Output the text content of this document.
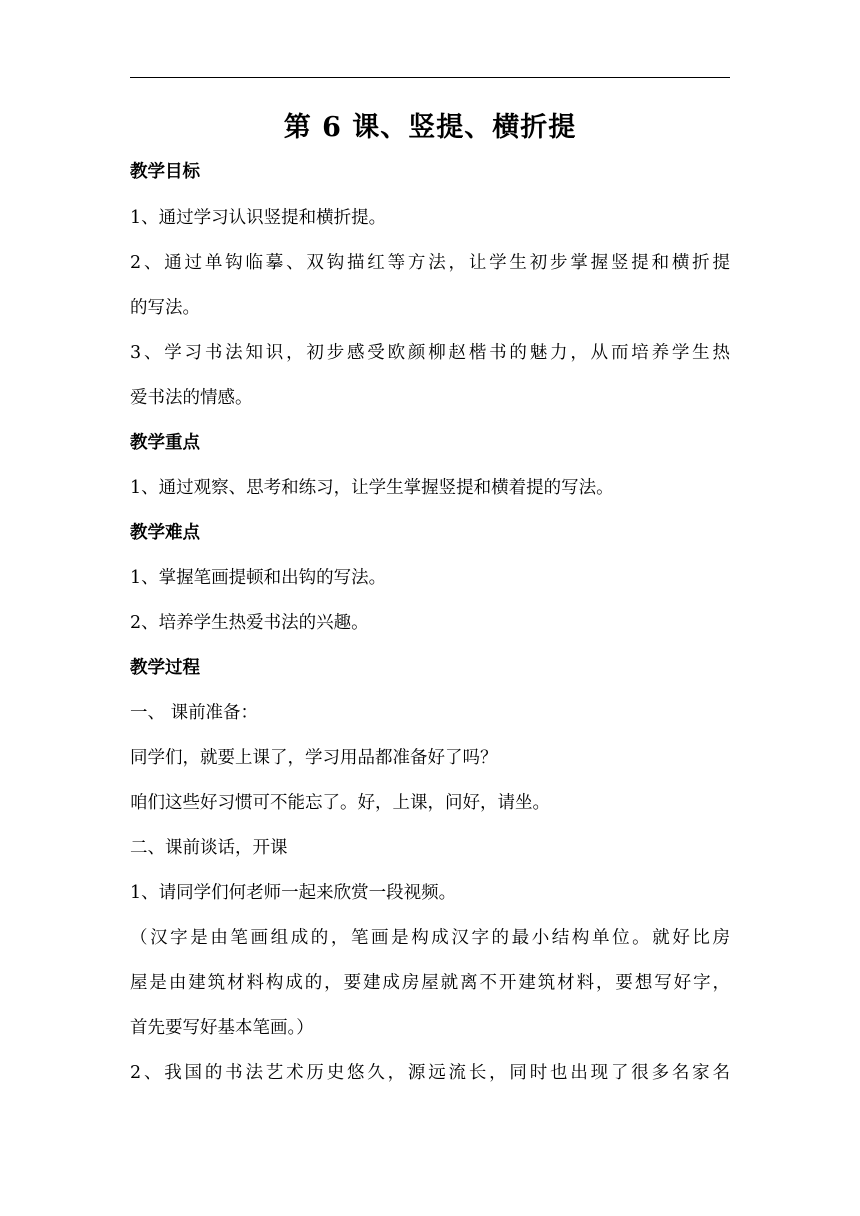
第 6 课、竖提、横折提
教学目标
1、通过学习认识竖提和横折提。
2、通过单钩临摹、双钩描红等方法，让学生初步掌握竖提和横折提
的写法。
3、学习书法知识，初步感受欧颜柳赵楷书的魅力，从而培养学生热
爱书法的情感。
教学重点
1、通过观察、思考和练习，让学生掌握竖提和横着提的写法。
教学难点
1、掌握笔画提顿和出钩的写法。
2、培养学生热爱书法的兴趣。
教学过程
一、 课前准备：
同学们，就要上课了，学习用品都准备好了吗？
咱们这些好习惯可不能忘了。好，上课，问好，请坐。
二、课前谈话，开课
1、请同学们何老师一起来欣赏一段视频。
（汉字是由笔画组成的，笔画是构成汉字的最小结构单位。就好比房
屋是由建筑材料构成的，要建成房屋就离不开建筑材料，要想写好字，
首先要写好基本笔画。）
2、我国的书法艺术历史悠久，源远流长，同时也出现了很多名家名
